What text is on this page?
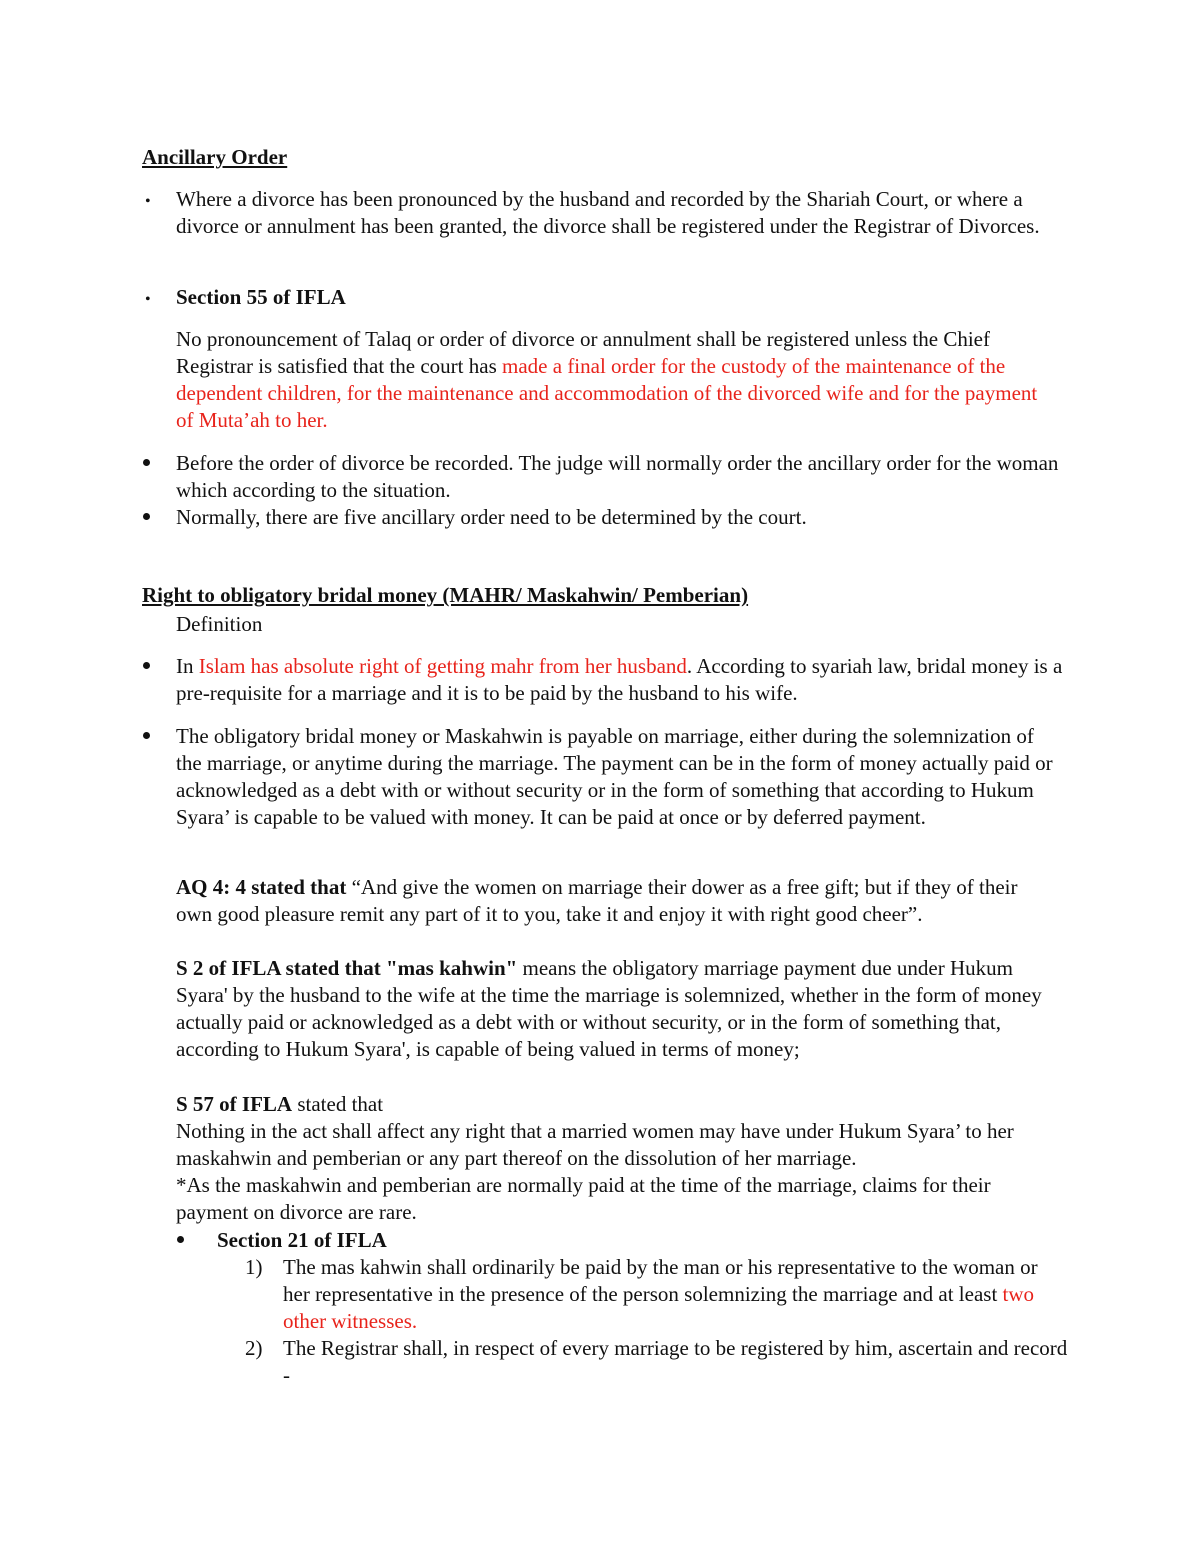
Ancillary Order
• Where a divorce has been pronounced by the husband and recorded by the Shariah Court, or where a divorce or annulment has been granted, the divorce shall be registered under the Registrar of Divorces.
• Section 55 of IFLA
No pronouncement of Talaq or order of divorce or annulment shall be registered unless the Chief Registrar is satisfied that the court has made a final order for the custody of the maintenance of the dependent children, for the maintenance and accommodation of the divorced wife and for the payment of Muta’ah to her.
Before the order of divorce be recorded. The judge will normally order the ancillary order for the woman which according to the situation.
Normally, there are five ancillary order need to be determined by the court.
Right to obligatory bridal money (MAHR/ Maskahwin/ Pemberian)
Definition
In Islam has absolute right of getting mahr from her husband. According to syariah law, bridal money is a pre-requisite for a marriage and it is to be paid by the husband to his wife.
The obligatory bridal money or Maskahwin is payable on marriage, either during the solemnization of the marriage, or anytime during the marriage. The payment can be in the form of money actually paid or acknowledged as a debt with or without security or in the form of something that according to Hukum Syara’ is capable to be valued with money. It can be paid at once or by deferred payment.
AQ 4: 4 stated that “And give the women on marriage their dower as a free gift; but if they of their own good pleasure remit any part of it to you, take it and enjoy it with right good cheer”.
S 2 of IFLA stated that "mas kahwin" means the obligatory marriage payment due under Hukum Syara' by the husband to the wife at the time the marriage is solemnized, whether in the form of money actually paid or acknowledged as a debt with or without security, or in the form of something that, according to Hukum Syara', is capable of being valued in terms of money;
S 57 of IFLA stated that
Nothing in the act shall affect any right that a married women may have under Hukum Syara’ to her maskahwin and pemberian or any part thereof on the dissolution of her marriage.
*As the maskahwin and pemberian are normally paid at the time of the marriage, claims for their payment on divorce are rare.
Section 21 of IFLA
1) The mas kahwin shall ordinarily be paid by the man or his representative to the woman or her representative in the presence of the person solemnizing the marriage and at least two other witnesses.
2) The Registrar shall, in respect of every marriage to be registered by him, ascertain and record -
